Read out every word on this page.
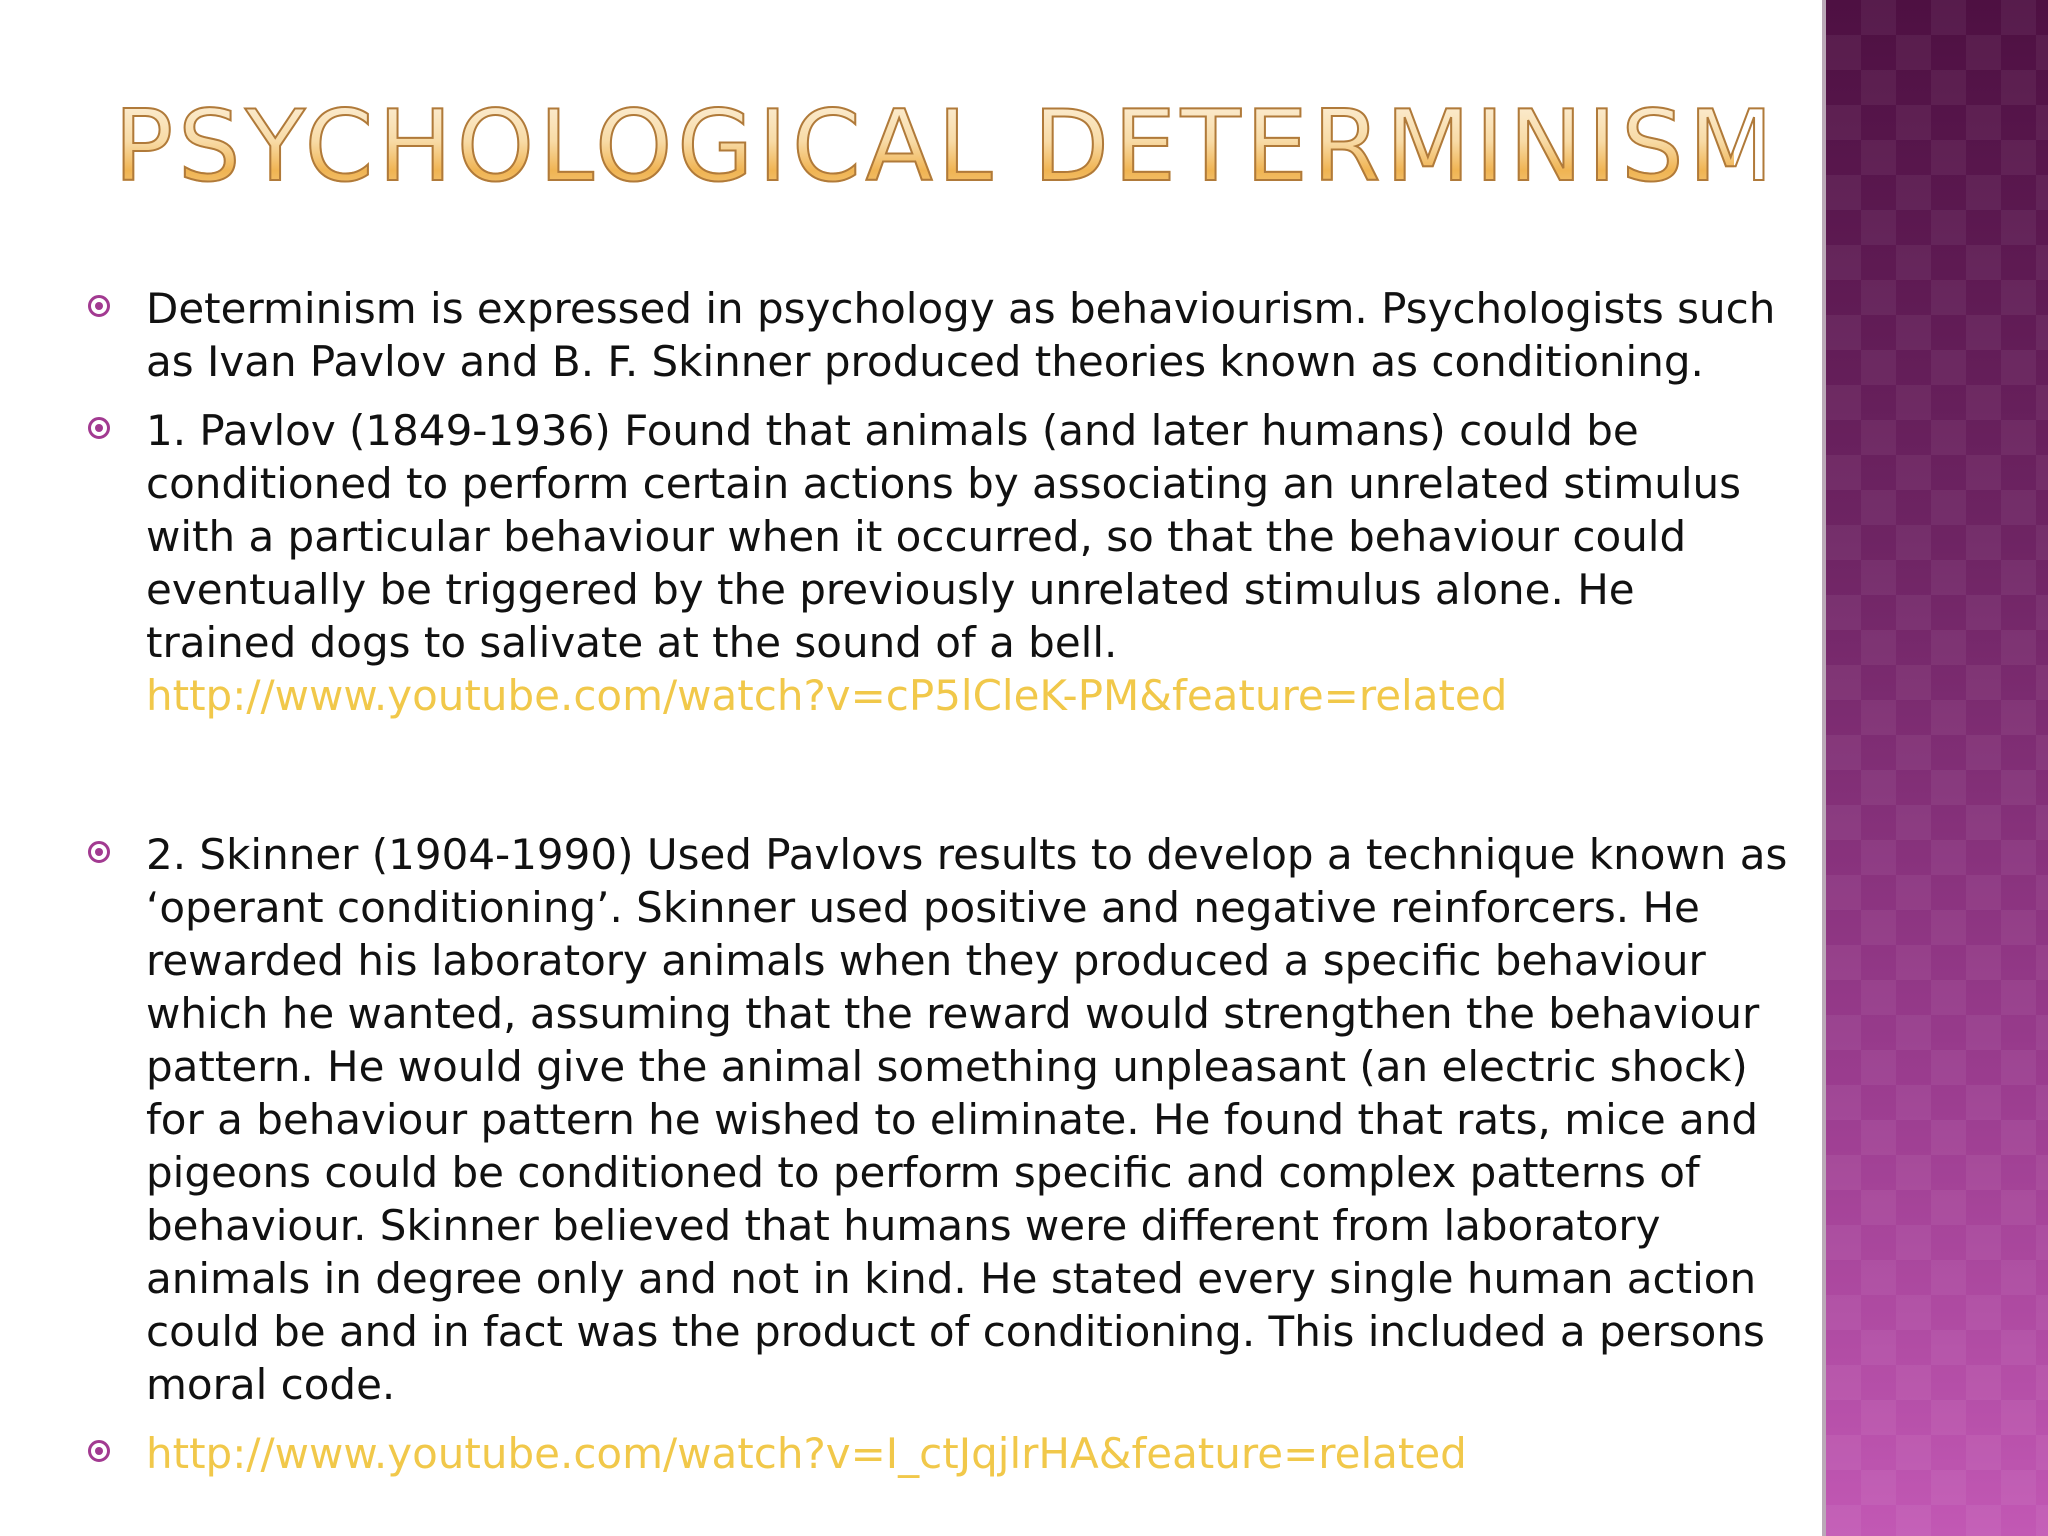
PSYCHOLOGICAL DETERMINISM
Determinism is expressed in psychology as behaviourism. Psychologists such as Ivan Pavlov and B. F. Skinner produced theories known as conditioning.
1. Pavlov (1849-1936) Found that animals (and later humans) could be conditioned to perform certain actions by associating an unrelated stimulus with a particular behaviour when it occurred, so that the behaviour could eventually be triggered by the previously unrelated stimulus alone. He trained dogs to salivate at the sound of a bell.
http://www.youtube.com/watch?v=cP5lCleK-PM&feature=related
2. Skinner (1904-1990) Used Pavlovs results to develop a technique known as ‘operant conditioning’. Skinner used positive and negative reinforcers. He rewarded his laboratory animals when they produced a specific behaviour which he wanted, assuming that the reward would strengthen the behaviour pattern. He would give the animal something unpleasant (an electric shock) for a behaviour pattern he wished to eliminate. He found that rats, mice and pigeons could be conditioned to perform specific and complex patterns of behaviour. Skinner believed that humans were different from laboratory animals in degree only and not in kind. He stated every single human action could be and in fact was the product of conditioning. This included a persons moral code.
http://www.youtube.com/watch?v=I_ctJqjlrHA&feature=related
